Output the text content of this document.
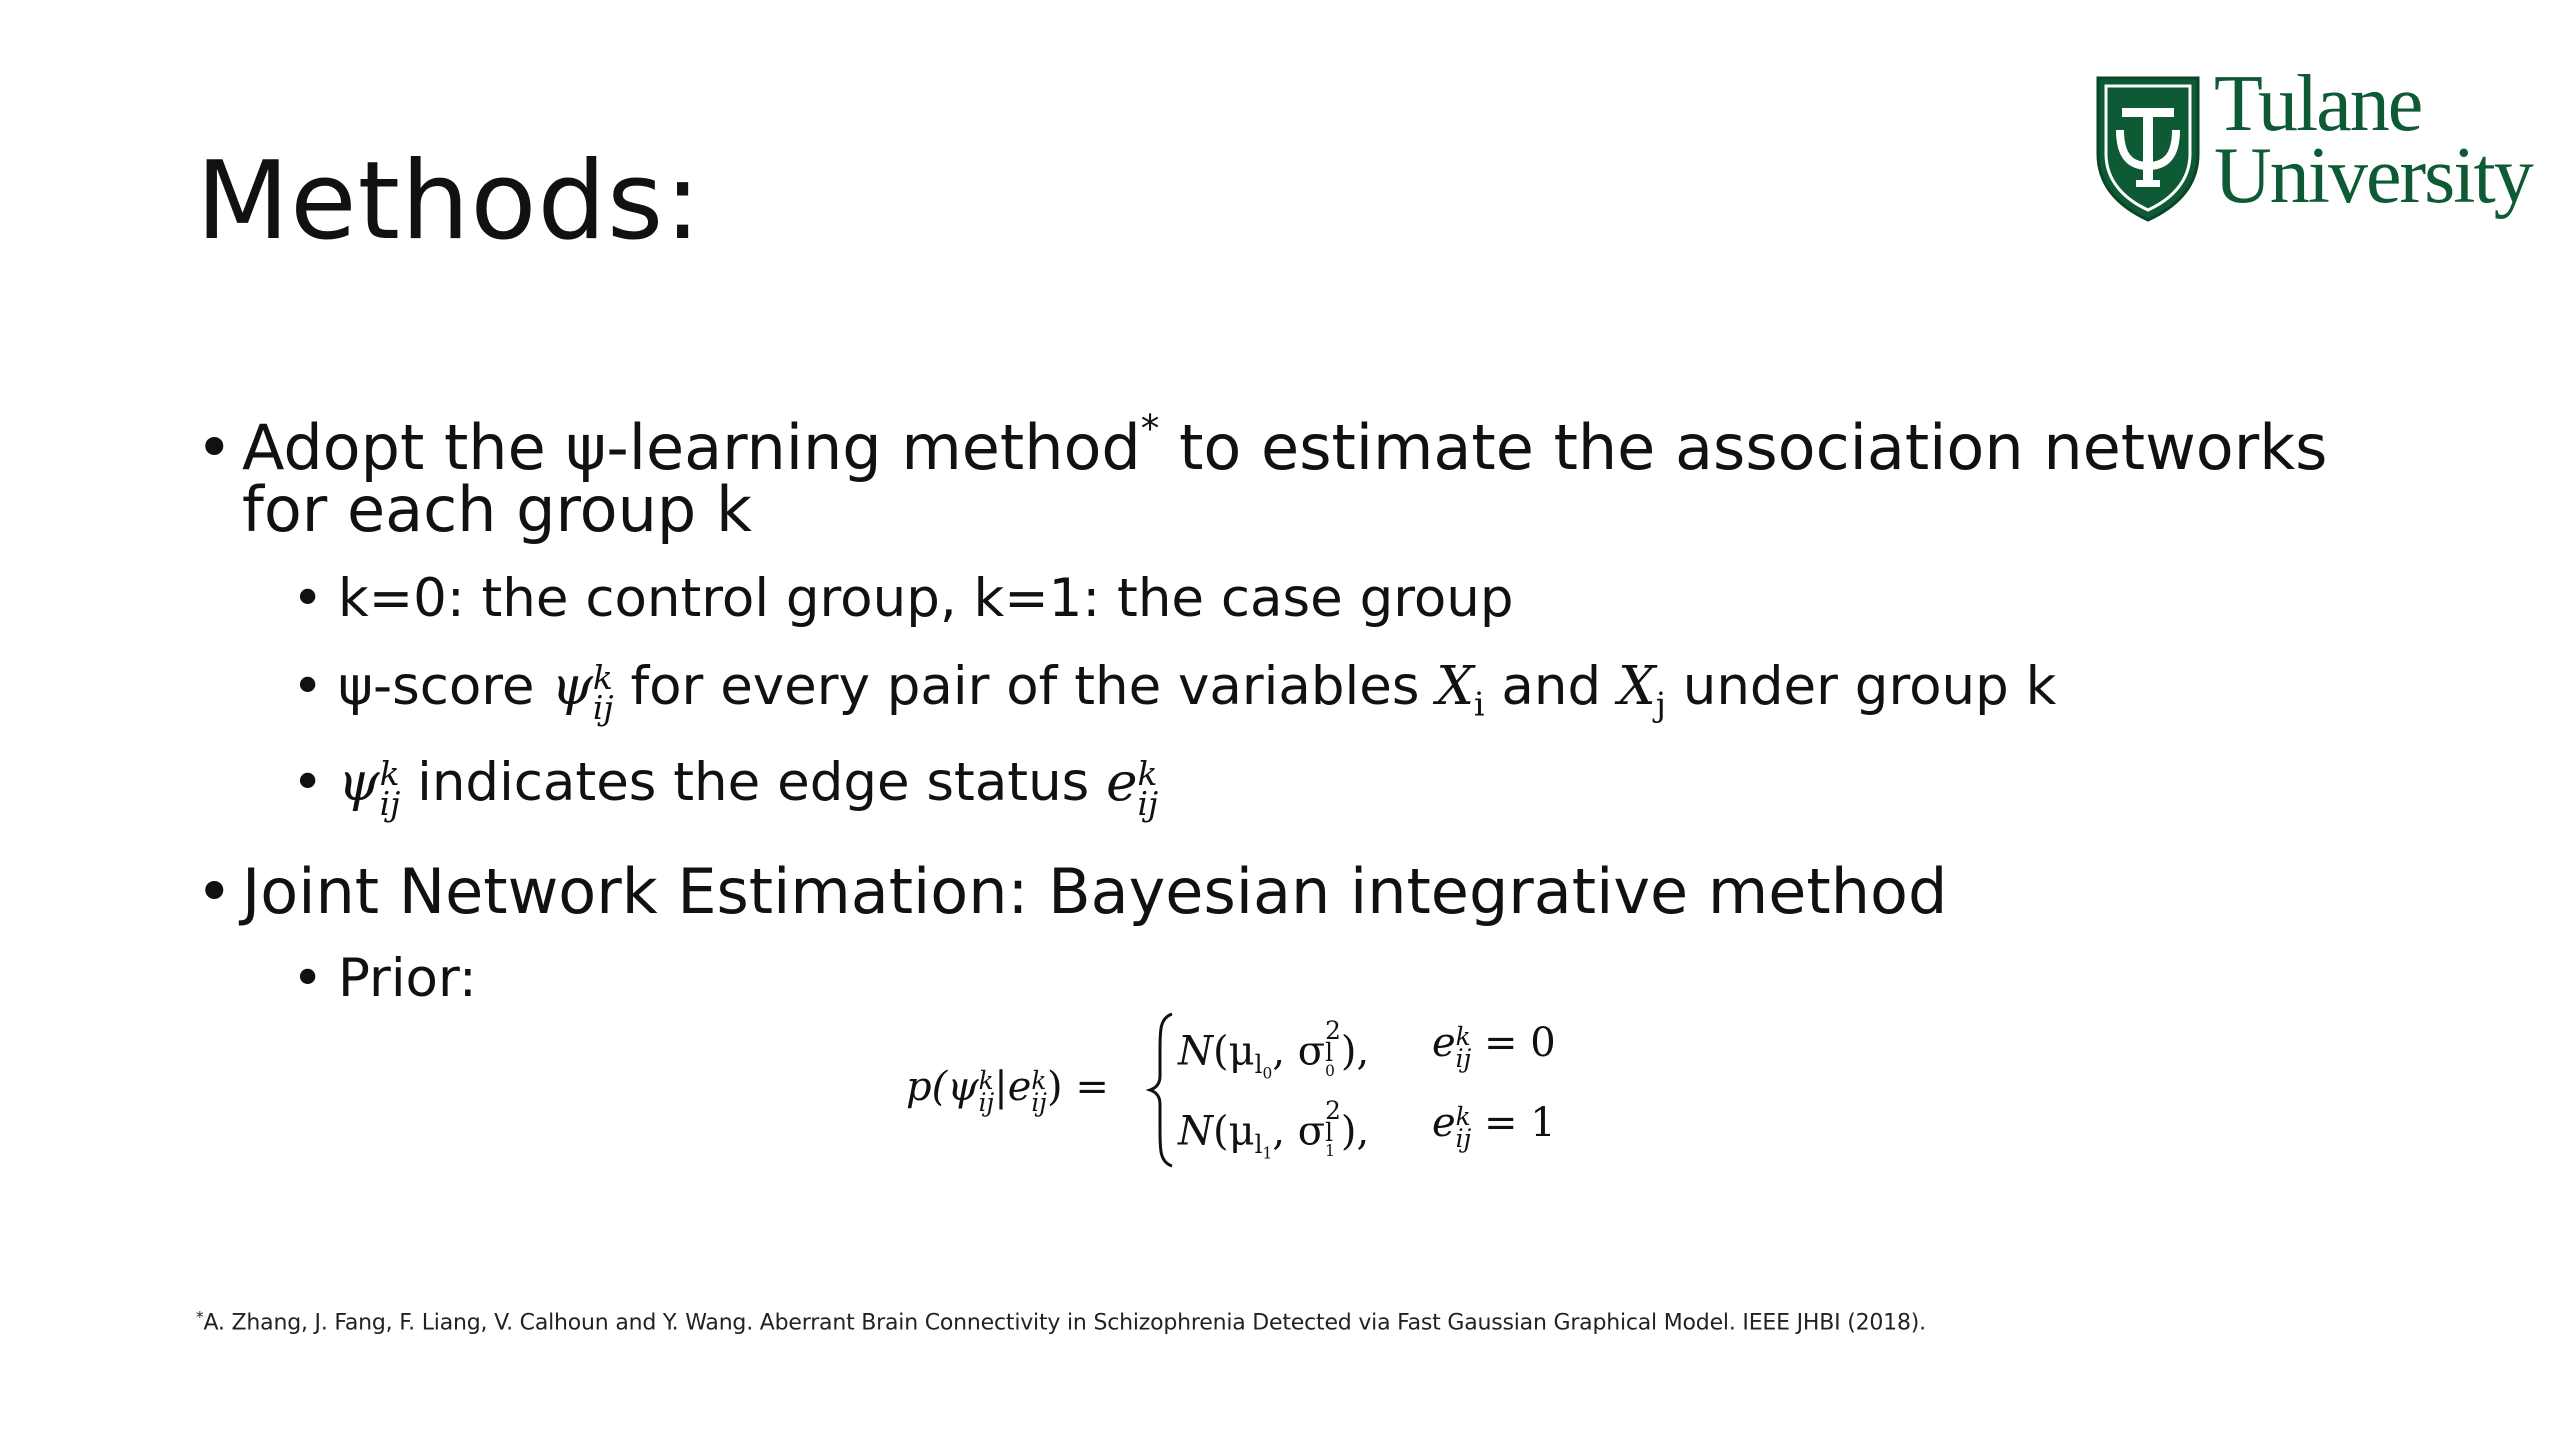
Methods:
Tulane
University
• Adopt the ψ-learning method* to estimate the association networks
for each group k
• k=0: the control group, k=1: the case group
• ψ-score ψ k
ij for every pair of the variables $X_i$ and $X_j$ under group k
• ψ k
ij indicates the edge status e k
ij
• Joint Network Estimation: Bayesian integrative method
• Prior:
p(ψ k
ij |e k
ij ) =
$N(\mu_{l_0}$, σ 2
l
0 ), e k
ij = 0
$N(\mu_{l_1}$, σ 2
l
1 ), e k
ij = 1
*A. Zhang, J. Fang, F. Liang, V. Calhoun and Y. Wang. Aberrant Brain Connectivity in Schizophrenia Detected via Fast Gaussian Graphical Model. IEEE JHBI (2018).
